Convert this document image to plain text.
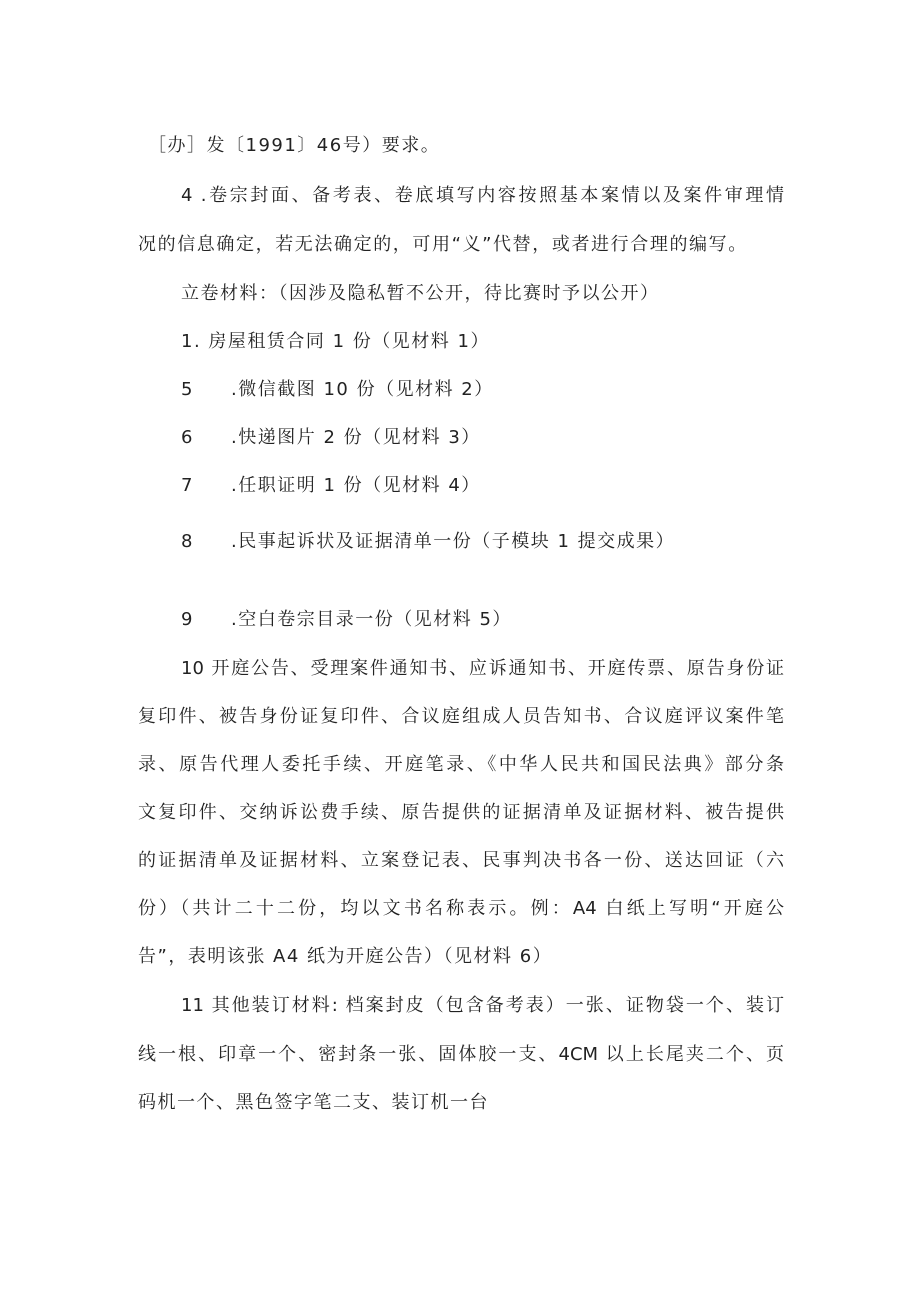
［办］发〔1991〕46号）要求。
4 .卷宗封面、备考表、卷底填写内容按照基本案情以及案件审理情
况的信息确定，若无法确定的，可用“义”代替，或者进行合理的编写。
立卷材料：（因涉及隐私暂不公开，待比赛时予以公开）
1. 房屋租赁合同 1 份（见材料 1）
5 .微信截图 10 份（见材料 2）
6 .快递图片 2 份（见材料 3）
7 .任职证明 1 份（见材料 4）
8 .民事起诉状及证据清单一份（子模块 1 提交成果）
9 .空白卷宗目录一份（见材料 5）
10 开庭公告、受理案件通知书、应诉通知书、开庭传票、原告身份证
复印件、被告身份证复印件、合议庭组成人员告知书、合议庭评议案件笔
录、原告代理人委托手续、开庭笔录、《中华人民共和国民法典》部分条
文复印件、交纳诉讼费手续、原告提供的证据清单及证据材料、被告提供
的证据清单及证据材料、立案登记表、民事判决书各一份、送达回证（六
份）（共计二十二份，均以文书名称表示。例：A4 白纸上写明“开庭公
告”，表明该张 A4 纸为开庭公告）（见材料 6）
11 其他装订材料: 档案封皮（包含备考表）一张、证物袋一个、装订
线一根、印章一个、密封条一张、固体胶一支、4CM 以上长尾夹二个、页
码机一个、黑色签字笔二支、装订机一台
